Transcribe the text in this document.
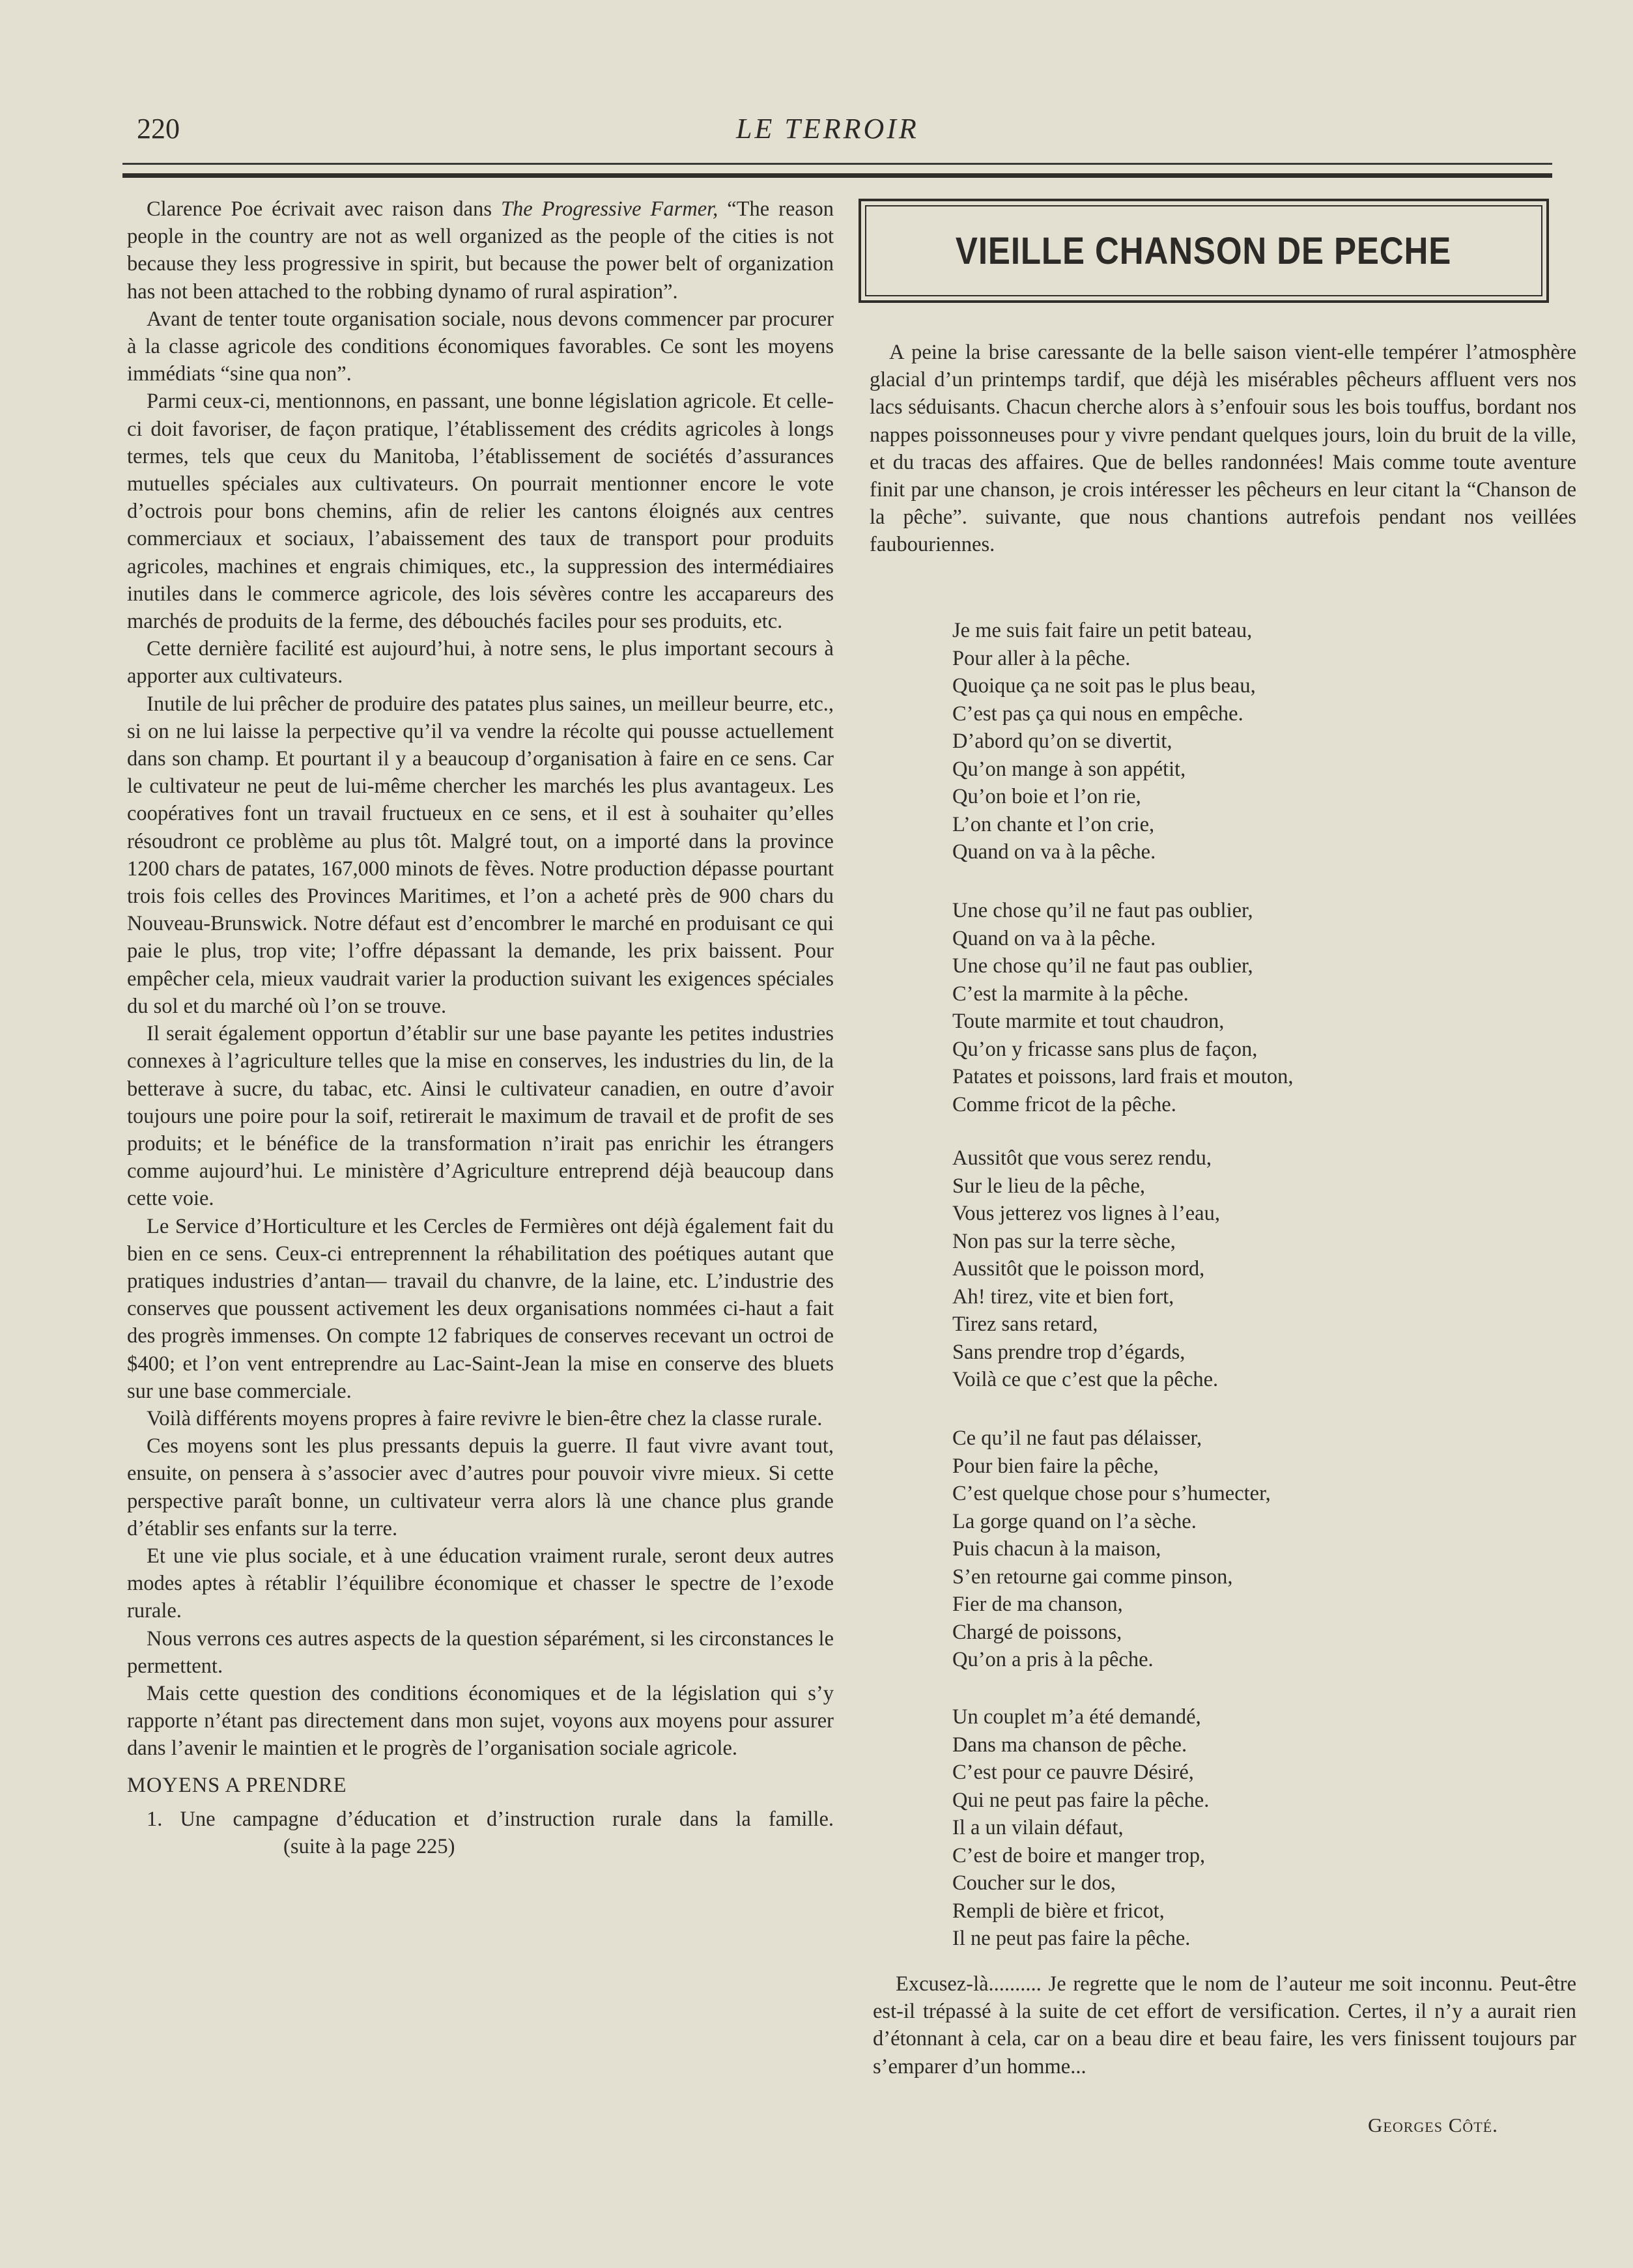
220	LE TERROIR

Clarence Poe écrivait avec raison dans The Progressive Farmer, “The reason people in the country are not as well organized as the people of the cities is not because they less progressive in spirit, but because the power belt of organization has not been attached to the robbing dynamo of rural aspiration”.

Avant de tenter toute organisation sociale, nous devons commencer par procurer à la classe agricole des conditions économiques favorables. Ce sont les moyens immédiats “sine qua non”.

Parmi ceux-ci, mentionnons, en passant, une bonne législation agricole. Et celle-ci doit favoriser, de façon pratique, l’établissement des crédits agricoles à longs termes, tels que ceux du Manitoba, l’établissement de sociétés d’assurances mutuelles spéciales aux cultivateurs. On pourrait mentionner encore le vote d’octrois pour bons chemins, afin de relier les cantons éloignés aux centres commerciaux et sociaux, l’abaissement des taux de transport pour produits agricoles, machines et engrais chimiques, etc., la suppression des intermédiaires inutiles dans le commerce agricole, des lois sévères contre les accapareurs des marchés de produits de la ferme, des débouchés faciles pour ses produits, etc.

Cette dernière facilité est aujourd’hui, à notre sens, le plus important secours à apporter aux cultivateurs.

Inutile de lui prêcher de produire des patates plus saines, un meilleur beurre, etc., si on ne lui laisse la perpective qu’il va vendre la récolte qui pousse actuellement dans son champ. Et pourtant il y a beaucoup d’organisation à faire en ce sens. Car le cultivateur ne peut de lui-même chercher les marchés les plus avantageux. Les coopératives font un travail fructueux en ce sens, et il est à souhaiter qu’elles résoudront ce problème au plus tôt. Malgré tout, on a importé dans la province 1200 chars de patates, 167,000 minots de fèves. Notre production dépasse pourtant trois fois celles des Provinces Maritimes, et l’on a acheté près de 900 chars du Nouveau-Brunswick. Notre défaut est d’encombrer le marché en produisant ce qui paie le plus, trop vite; l’offre dépassant la demande, les prix baissent. Pour empêcher cela, mieux vaudrait varier la production suivant les exigences spéciales du sol et du marché où l’on se trouve.

Il serait également opportun d’établir sur une base payante les petites industries connexes à l’agriculture telles que la mise en conserves, les industries du lin, de la betterave à sucre, du tabac, etc. Ainsi le cultivateur canadien, en outre d’avoir toujours une poire pour la soif, retirerait le maximum de travail et de profit de ses produits; et le bénéfice de la transformation n’irait pas enrichir les étrangers comme aujourd’hui. Le ministère d’Agriculture entreprend déjà beaucoup dans cette voie.

Le Service d’Horticulture et les Cercles de Fermières ont déjà également fait du bien en ce sens. Ceux-ci entreprennent la réhabilitation des poétiques autant que pratiques industries d’antan— travail du chanvre, de la laine, etc. L’industrie des conserves que poussent activement les deux organisations nommées ci-haut a fait des progrès immenses. On compte 12 fabriques de conserves recevant un octroi de $400; et l’on vent entreprendre au Lac-Saint-Jean la mise en conserve des bluets sur une base commerciale.

Voilà différents moyens propres à faire revivre le bien-être chez la classe rurale.

Ces moyens sont les plus pressants depuis la guerre. Il faut vivre avant tout, ensuite, on pensera à s’associer avec d’autres pour pouvoir vivre mieux. Si cette perspective paraît bonne, un cultivateur verra alors là une chance plus grande d’établir ses enfants sur la terre.

Et une vie plus sociale, et à une éducation vraiment rurale, seront deux autres modes aptes à rétablir l’équilibre économique et chasser le spectre de l’exode rurale.

Nous verrons ces autres aspects de la question séparément, si les circonstances le permettent.

Mais cette question des conditions économiques et de la législation qui s’y rapporte n’étant pas directement dans mon sujet, voyons aux moyens pour assurer dans l’avenir le maintien et le progrès de l’organisation sociale agricole.

MOYENS A PRENDRE

1. Une campagne d’éducation et d’instruction rurale dans la famille.(suite à la page 225)

VIEILLE CHANSON DE PECHE

A peine la brise caressante de la belle saison vient-elle tempérer l’atmosphère glacial d’un printemps tardif, que déjà les misérables pêcheurs affluent vers nos lacs séduisants. Chacun cherche alors à s’enfouir sous les bois touffus, bordant nos nappes poissonneuses pour y vivre pendant quelques jours, loin du bruit de la ville, et du tracas des affaires. Que de belles randonnées! Mais comme toute aventure finit par une chanson, je crois intéresser les pêcheurs en leur citant la “Chanson de la pêche”. suivante, que nous chantions autrefois pendant nos veillées faubouriennes.

Je me suis fait faire un petit bateau,
Pour aller à la pêche.
Quoique ça ne soit pas le plus beau,
C’est pas ça qui nous en empêche.
D’abord qu’on se divertit,
Qu’on mange à son appétit,
Qu’on boie et l’on rie,
L’on chante et l’on crie,
Quand on va à la pêche.
Une chose qu’il ne faut pas oublier,
Quand on va à la pêche.
Une chose qu’il ne faut pas oublier,
C’est la marmite à la pêche.
Toute marmite et tout chaudron,
Qu’on y fricasse sans plus de façon,
Patates et poissons, lard frais et mouton,
Comme fricot de la pêche.
Aussitôt que vous serez rendu,
Sur le lieu de la pêche,
Vous jetterez vos lignes à l’eau,
Non pas sur la terre sèche,
Aussitôt que le poisson mord,
Ah! tirez, vite et bien fort,
Tirez sans retard,
Sans prendre trop d’égards,
Voilà ce que c’est que la pêche.
Ce qu’il ne faut pas délaisser,
Pour bien faire la pêche,
C’est quelque chose pour s’humecter,
La gorge quand on l’a sèche.
Puis chacun à la maison,
S’en retourne gai comme pinson,
Fier de ma chanson,
Chargé de poissons,
Qu’on a pris à la pêche.
Un couplet m’a été demandé,
Dans ma chanson de pêche.
C’est pour ce pauvre Désiré,
Qui ne peut pas faire la pêche.
Il a un vilain défaut,
C’est de boire et manger trop,
Coucher sur le dos,
Rempli de bière et fricot,
Il ne peut pas faire la pêche.

Excusez-là.......... Je regrette que le nom de l’auteur me soit inconnu. Peut-être est-il trépassé à la suite de cet effort de versification. Certes, il n’y a aurait rien d’étonnant à cela, car on a beau dire et beau faire, les vers finissent toujours par s’emparer d’un homme...

Georges Côté.
